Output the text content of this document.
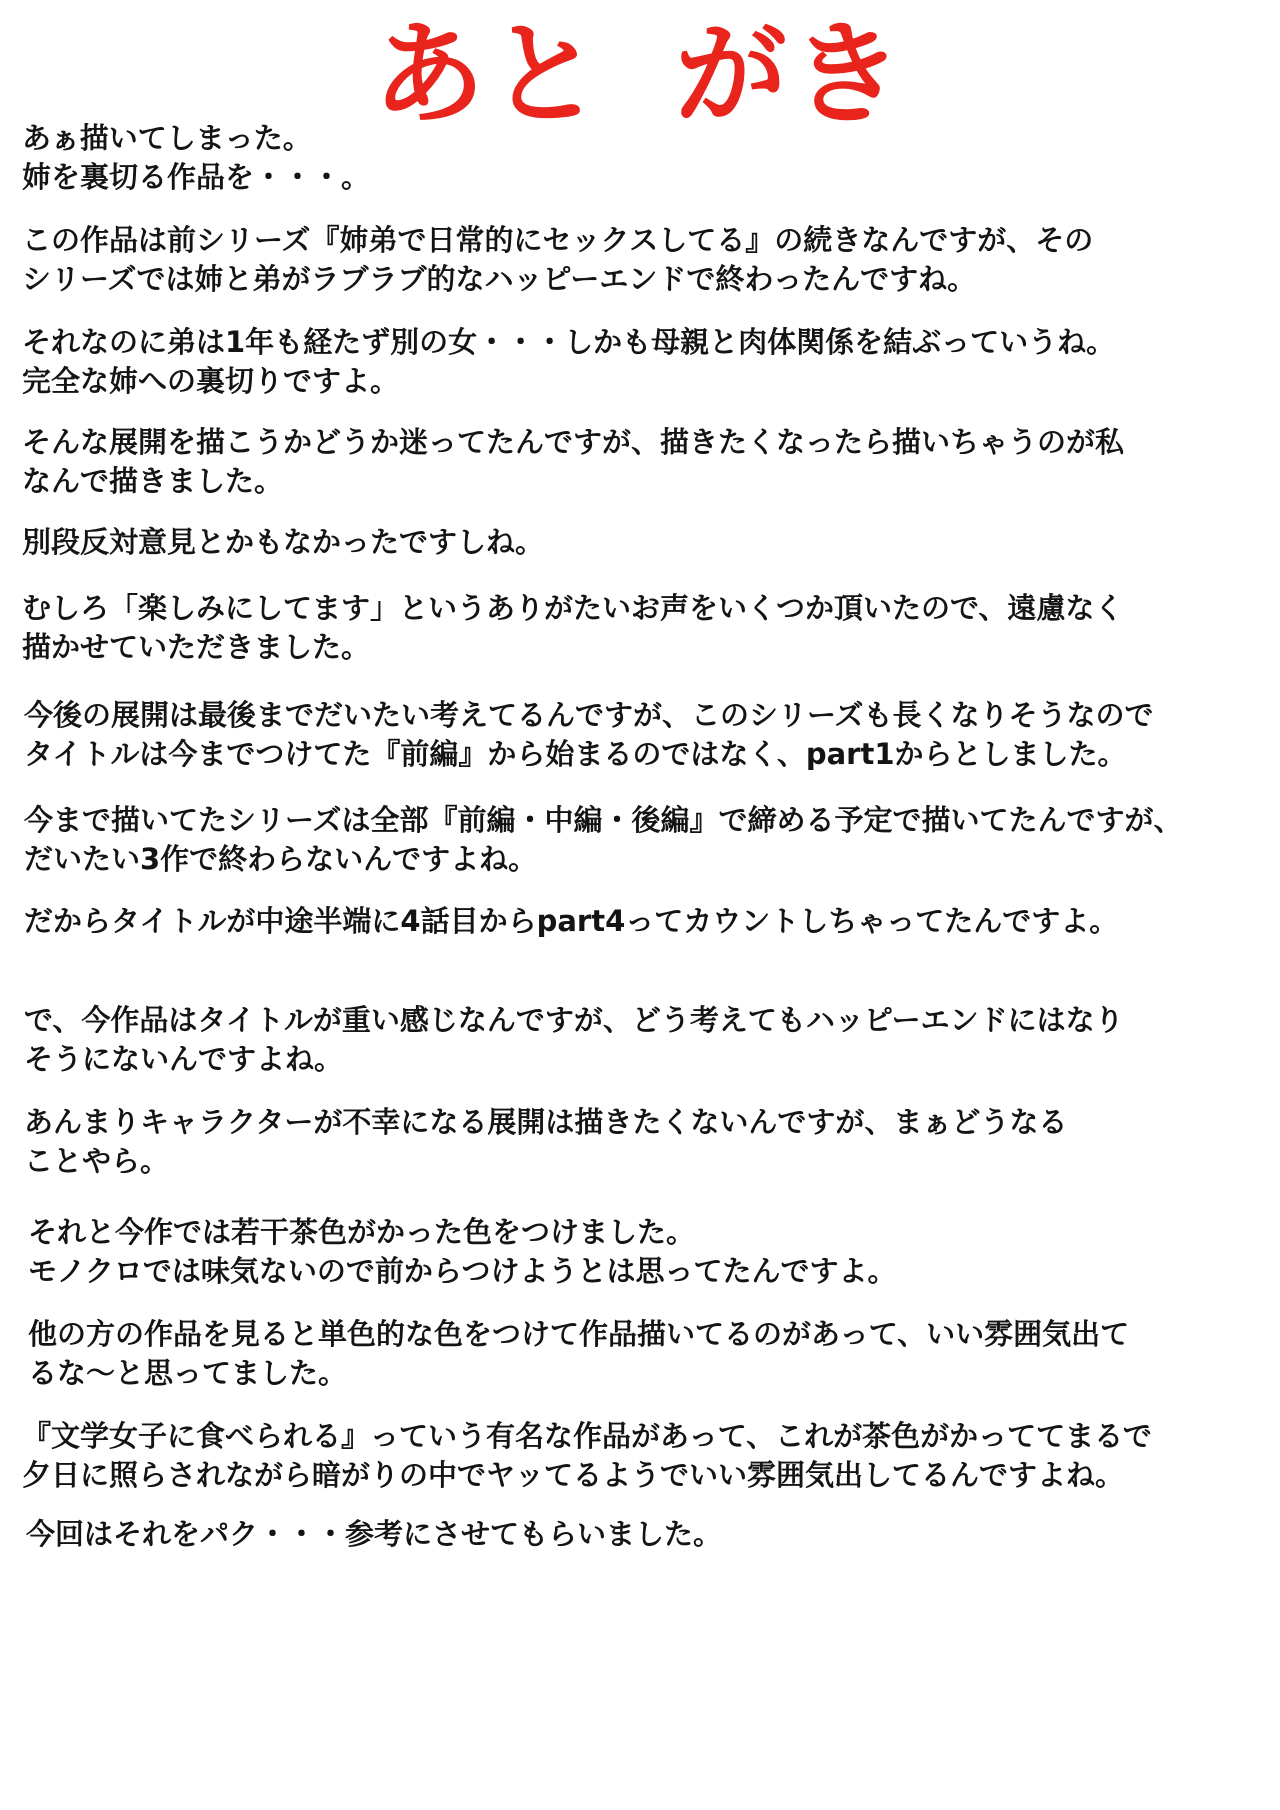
あと がき
あぁ描いてしまった。
姉を裏切る作品を・・・。
この作品は前シリーズ『姉弟で日常的にセックスしてる』の続きなんですが、その
シリーズでは姉と弟がラブラブ的なハッピーエンドで終わったんですね。
それなのに弟は1年も経たず別の女・・・しかも母親と肉体関係を結ぶっていうね。
完全な姉への裏切りですよ。
そんな展開を描こうかどうか迷ってたんですが、描きたくなったら描いちゃうのが私
なんで描きました。
別段反対意見とかもなかったですしね。
むしろ「楽しみにしてます」というありがたいお声をいくつか頂いたので、遠慮なく
描かせていただきました。
今後の展開は最後までだいたい考えてるんですが、このシリーズも長くなりそうなので
タイトルは今までつけてた『前編』から始まるのではなく、part1からとしました。
今まで描いてたシリーズは全部『前編・中編・後編』で締める予定で描いてたんですが、
だいたい3作で終わらないんですよね。
だからタイトルが中途半端に4話目からpart4ってカウントしちゃってたんですよ。
で、今作品はタイトルが重い感じなんですが、どう考えてもハッピーエンドにはなり
そうにないんですよね。
あんまりキャラクターが不幸になる展開は描きたくないんですが、まぁどうなる
ことやら。
それと今作では若干茶色がかった色をつけました。
モノクロでは味気ないので前からつけようとは思ってたんですよ。
他の方の作品を見ると単色的な色をつけて作品描いてるのがあって、いい雰囲気出て
るな～と思ってました。
『文学女子に食べられる』っていう有名な作品があって、これが茶色がかっててまるで
夕日に照らされながら暗がりの中でヤッてるようでいい雰囲気出してるんですよね。
今回はそれをパク・・・参考にさせてもらいました。
